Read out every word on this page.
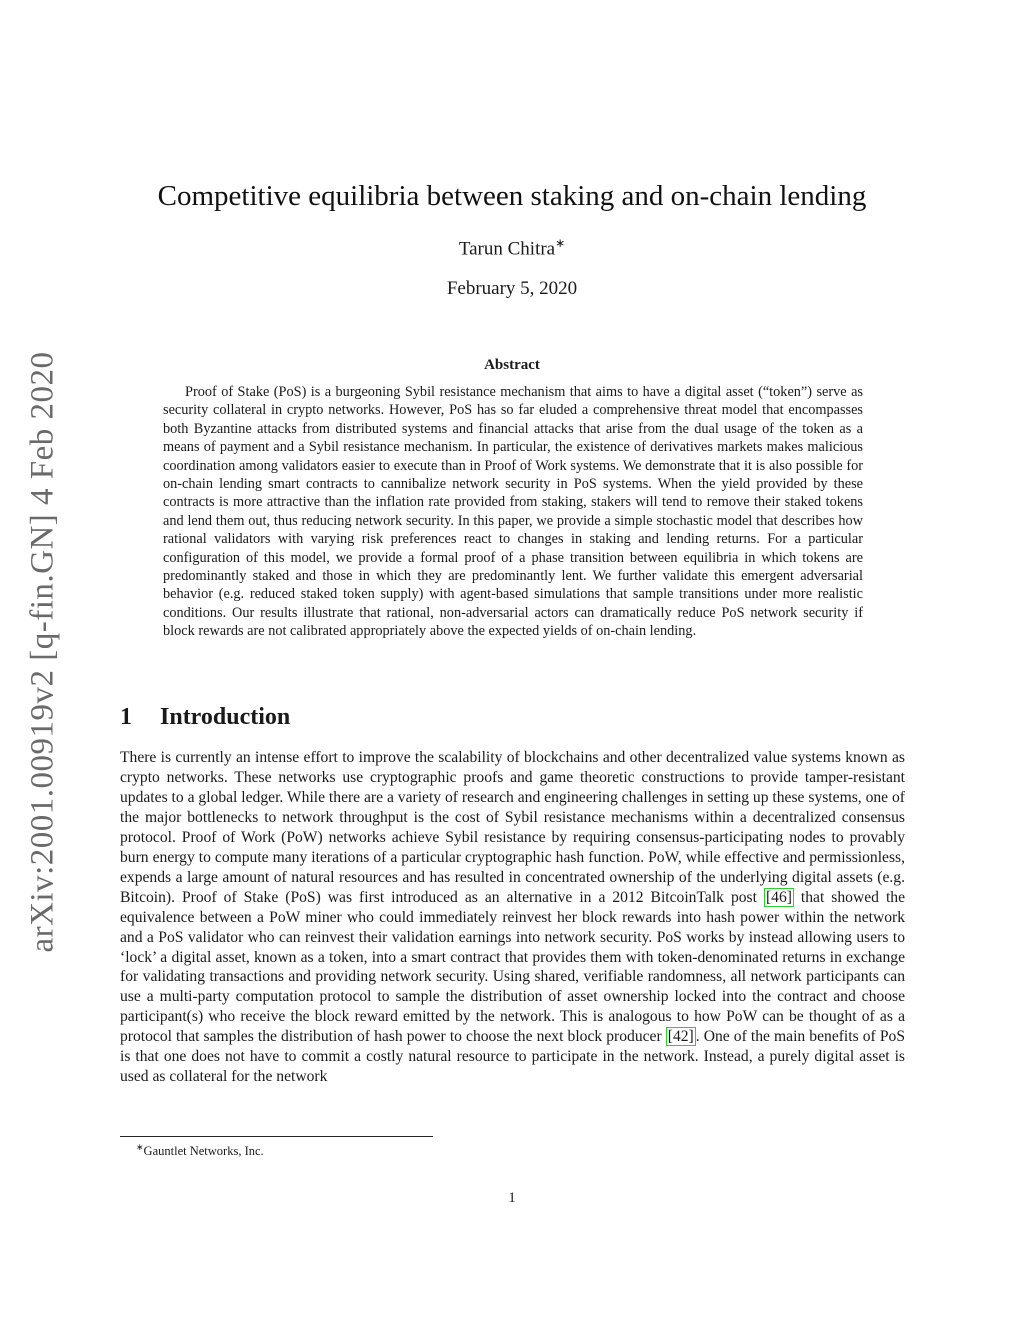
arXiv:2001.00919v2 [q-fin.GN] 4 Feb 2020
Competitive equilibria between staking and on-chain lending
Tarun Chitra∗
February 5, 2020
Abstract
Proof of Stake (PoS) is a burgeoning Sybil resistance mechanism that aims to have a digital asset (“token”) serve as security collateral in crypto networks. However, PoS has so far eluded a comprehensive threat model that encompasses both Byzantine attacks from distributed systems and financial attacks that arise from the dual usage of the token as a means of payment and a Sybil resistance mechanism. In particular, the existence of derivatives markets makes malicious coordination among validators easier to execute than in Proof of Work systems. We demonstrate that it is also possible for on-chain lending smart contracts to cannibalize network security in PoS systems. When the yield provided by these contracts is more attractive than the inflation rate provided from staking, stakers will tend to remove their staked tokens and lend them out, thus reducing network security. In this paper, we provide a simple stochastic model that describes how rational validators with varying risk preferences react to changes in staking and lending returns. For a particular configuration of this model, we provide a formal proof of a phase transition between equilibria in which tokens are predominantly staked and those in which they are predominantly lent. We further validate this emergent adversarial behavior (e.g. reduced staked token supply) with agent-based simulations that sample transitions under more realistic conditions. Our results illustrate that rational, non-adversarial actors can dramatically reduce PoS network security if block rewards are not calibrated appropriately above the expected yields of on-chain lending.
1 Introduction
There is currently an intense effort to improve the scalability of blockchains and other decentralized value systems known as crypto networks. These networks use cryptographic proofs and game theoretic constructions to provide tamper-resistant updates to a global ledger. While there are a variety of research and engineering challenges in setting up these systems, one of the major bottlenecks to network throughput is the cost of Sybil resistance mechanisms within a decentralized consensus protocol. Proof of Work (PoW) networks achieve Sybil resistance by requiring consensus-participating nodes to provably burn energy to compute many iterations of a particular cryptographic hash function. PoW, while effective and permissionless, expends a large amount of natural resources and has resulted in concentrated ownership of the underlying digital assets (e.g. Bitcoin). Proof of Stake (PoS) was first introduced as an alternative in a 2012 BitcoinTalk post [46] that showed the equivalence between a PoW miner who could immediately reinvest her block rewards into hash power within the network and a PoS validator who can reinvest their validation earnings into network security. PoS works by instead allowing users to ‘lock’ a digital asset, known as a token, into a smart contract that provides them with token-denominated returns in exchange for validating transactions and providing network security. Using shared, verifiable randomness, all network participants can use a multi-party computation protocol to sample the distribution of asset ownership locked into the contract and choose participant(s) who receive the block reward emitted by the network. This is analogous to how PoW can be thought of as a protocol that samples the distribution of hash power to choose the next block producer [42] . One of the main benefits of PoS is that one does not have to commit a costly natural resource to participate in the network. Instead, a purely digital asset is used as collateral for the network
∗Gauntlet Networks, Inc.
1
